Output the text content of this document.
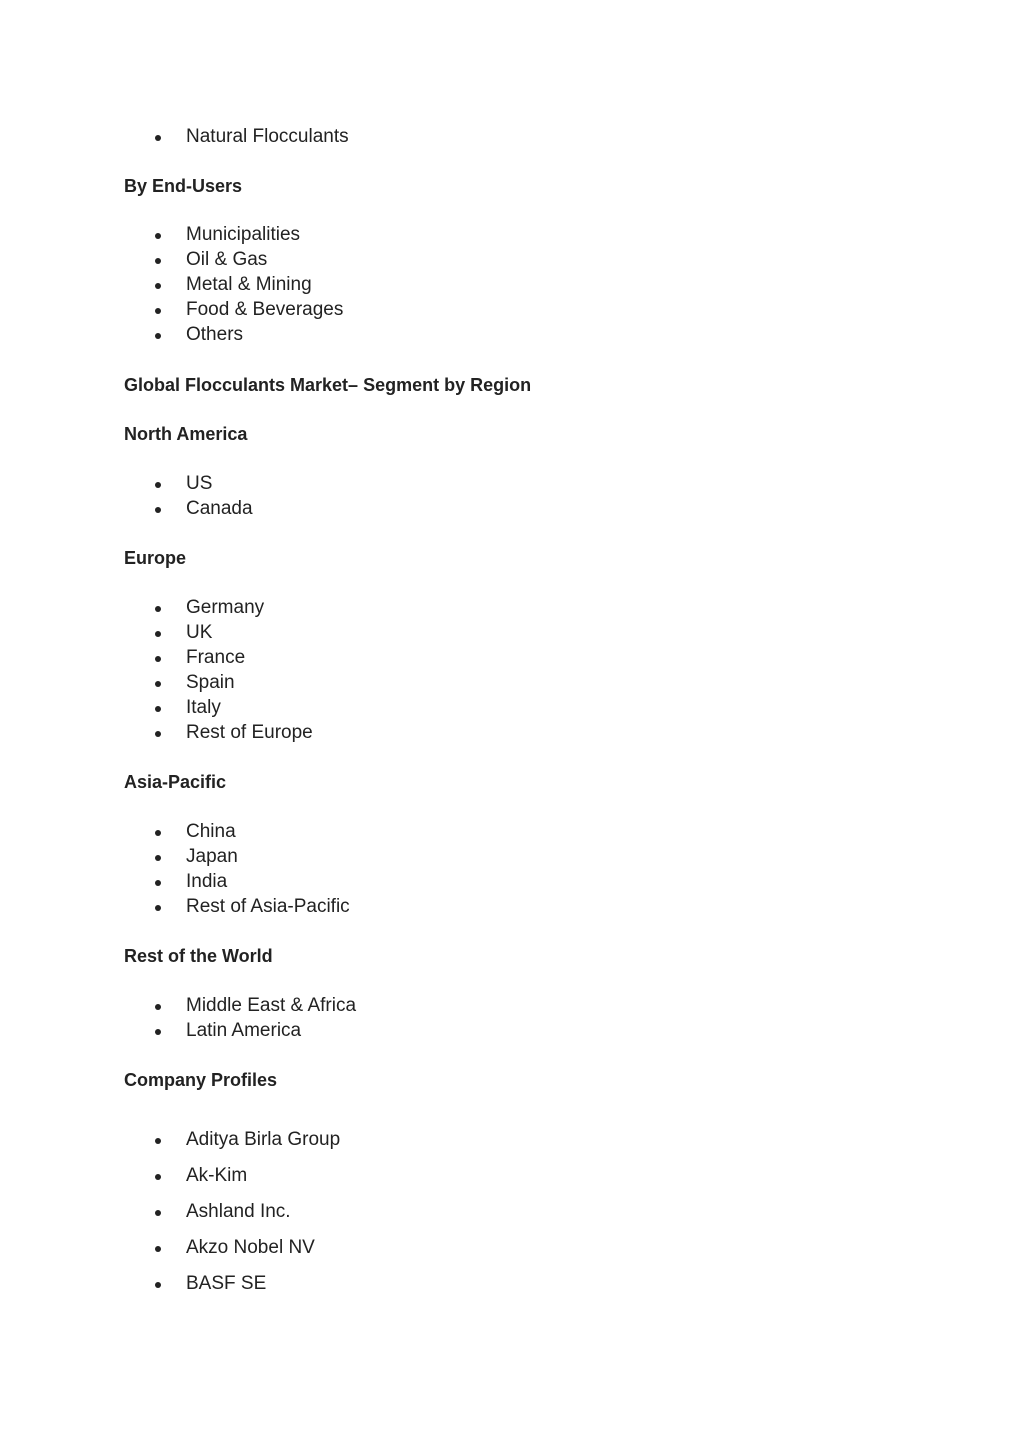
Natural Flocculants
By End-Users
Municipalities
Oil & Gas
Metal & Mining
Food & Beverages
Others
Global Flocculants Market– Segment by Region
North America
US
Canada
Europe
Germany
UK
France
Spain
Italy
Rest of Europe
Asia-Pacific
China
Japan
India
Rest of Asia-Pacific
Rest of the World
Middle East & Africa
Latin America
Company Profiles
Aditya Birla Group
Ak-Kim
Ashland Inc.
Akzo Nobel NV
BASF SE
